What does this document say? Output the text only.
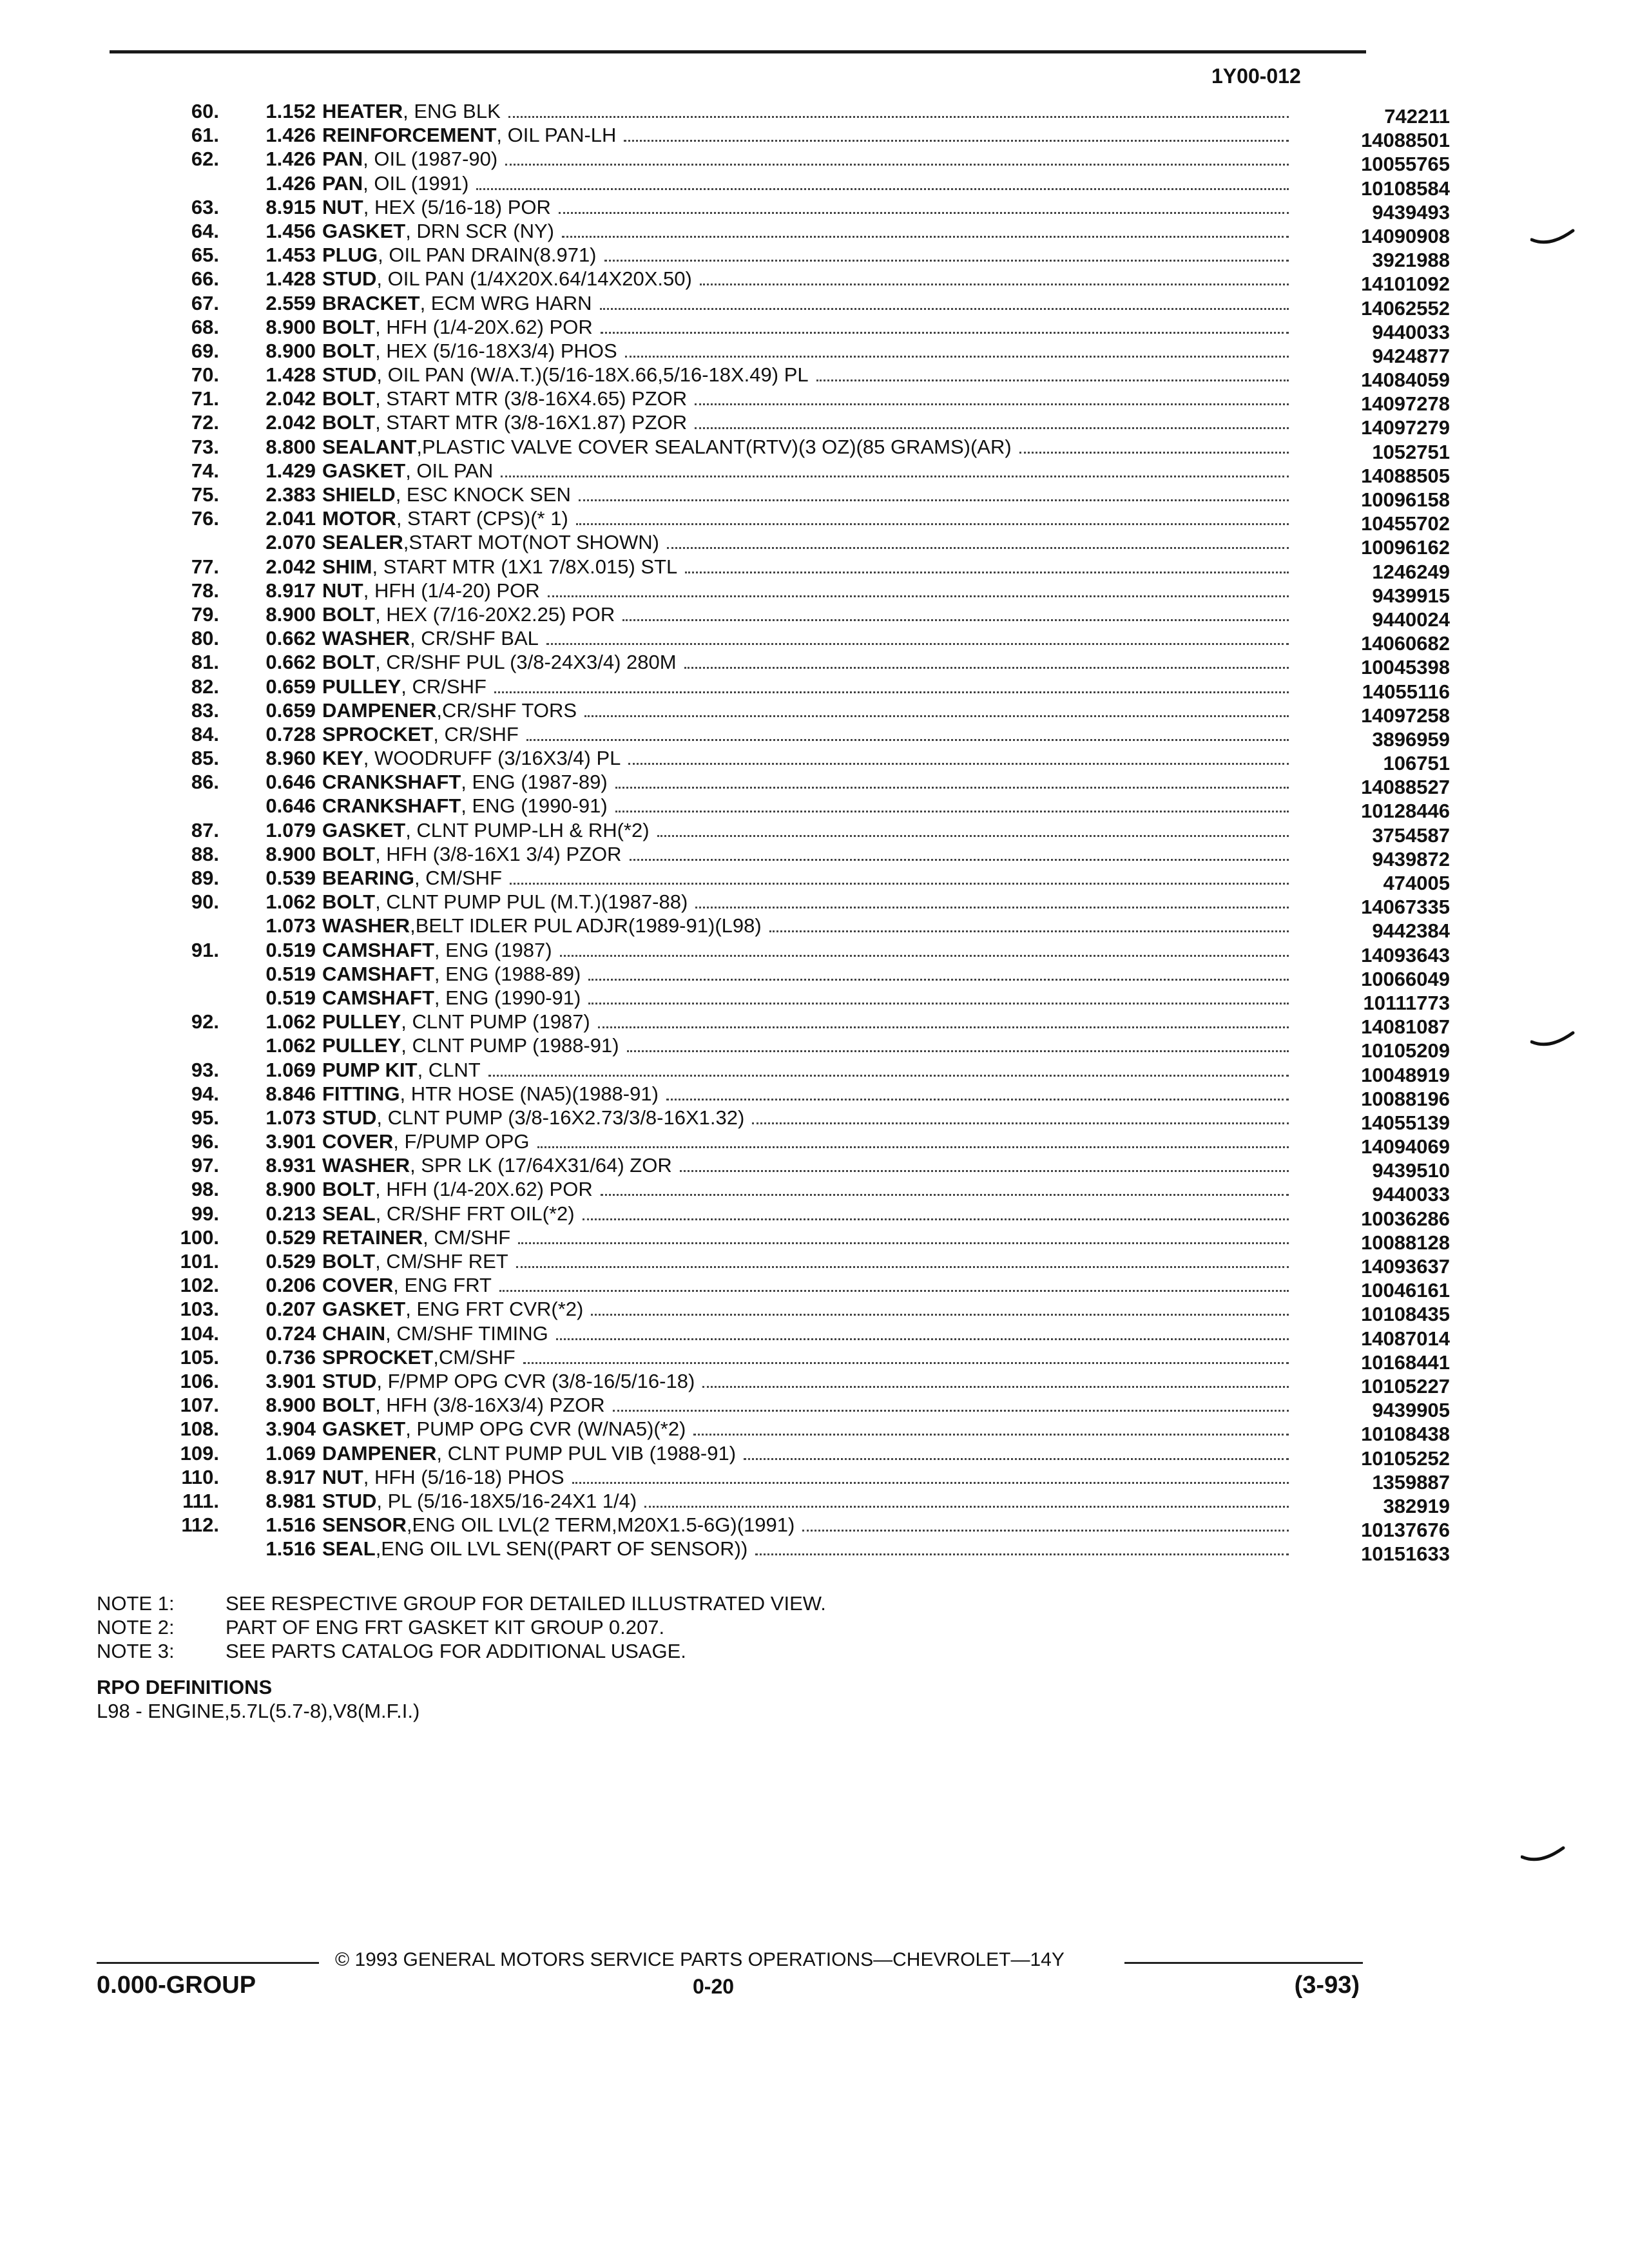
1Y00-012
60.	1.152 HEATER , ENG BLK	742211
61.	1.426 REINFORCEMENT , OIL PAN-LH	14088501
62.	1.426 PAN , OIL (1987-90)	10055765
1.426 PAN , OIL (1991)	10108584
63.	8.915 NUT , HEX (5/16-18) POR	9439493
64.	1.456 GASKET , DRN SCR (NY)	14090908
65.	1.453 PLUG , OIL PAN DRAIN(8.971)	3921988
66.	1.428 STUD , OIL PAN (1/4X20X.64/14X20X.50)	14101092
67.	2.559 BRACKET , ECM WRG HARN	14062552
68.	8.900 BOLT , HFH (1/4-20X.62) POR	9440033
69.	8.900 BOLT , HEX (5/16-18X3/4) PHOS	9424877
70.	1.428 STUD , OIL PAN (W/A.T.)(5/16-18X.66,5/16-18X.49) PL	14084059
71.	2.042 BOLT , START MTR (3/8-16X4.65) PZOR	14097278
72.	2.042 BOLT , START MTR (3/8-16X1.87) PZOR	14097279
73.	8.800 SEALANT ,PLASTIC VALVE COVER SEALANT(RTV)(3 OZ)(85 GRAMS)(AR)	1052751
74.	1.429 GASKET , OIL PAN	14088505
75.	2.383 SHIELD , ESC KNOCK SEN	10096158
76.	2.041 MOTOR , START (CPS)(* 1)	10455702
2.070 SEALER ,START MOT(NOT SHOWN)	10096162
77.	2.042 SHIM , START MTR (1X1 7/8X.015) STL	1246249
78.	8.917 NUT , HFH (1/4-20) POR	9439915
79.	8.900 BOLT , HEX (7/16-20X2.25) POR	9440024
80.	0.662 WASHER , CR/SHF BAL	14060682
81.	0.662 BOLT , CR/SHF PUL (3/8-24X3/4) 280M	10045398
82.	0.659 PULLEY , CR/SHF	14055116
83.	0.659 DAMPENER ,CR/SHF TORS	14097258
84.	0.728 SPROCKET , CR/SHF	3896959
85.	8.960 KEY , WOODRUFF (3/16X3/4) PL	106751
86.	0.646 CRANKSHAFT , ENG (1987-89)	14088527
0.646 CRANKSHAFT , ENG (1990-91)	10128446
87.	1.079 GASKET , CLNT PUMP-LH & RH(*2)	3754587
88.	8.900 BOLT , HFH (3/8-16X1 3/4) PZOR	9439872
89.	0.539 BEARING , CM/SHF	474005
90.	1.062 BOLT , CLNT PUMP PUL (M.T.)(1987-88)	14067335
1.073 WASHER ,BELT IDLER PUL ADJR(1989-91)(L98)	9442384
91.	0.519 CAMSHAFT , ENG (1987)	14093643
0.519 CAMSHAFT , ENG (1988-89)	10066049
0.519 CAMSHAFT , ENG (1990-91)	10111773
92.	1.062 PULLEY , CLNT PUMP (1987)	14081087
1.062 PULLEY , CLNT PUMP (1988-91)	10105209
93.	1.069 PUMP KIT , CLNT	10048919
94.	8.846 FITTING , HTR HOSE (NA5)(1988-91)	10088196
95.	1.073 STUD , CLNT PUMP (3/8-16X2.73/3/8-16X1.32)	14055139
96.	3.901 COVER , F/PUMP OPG	14094069
97.	8.931 WASHER , SPR LK (17/64X31/64) ZOR	9439510
98.	8.900 BOLT , HFH (1/4-20X.62) POR	9440033
99.	0.213 SEAL , CR/SHF FRT OIL(*2)	10036286
100.	0.529 RETAINER , CM/SHF	10088128
101.	0.529 BOLT , CM/SHF RET	14093637
102.	0.206 COVER , ENG FRT	10046161
103.	0.207 GASKET , ENG FRT CVR(*2)	10108435
104.	0.724 CHAIN , CM/SHF TIMING	14087014
105.	0.736 SPROCKET ,CM/SHF	10168441
106.	3.901 STUD , F/PMP OPG CVR (3/8-16/5/16-18)	10105227
107.	8.900 BOLT , HFH (3/8-16X3/4) PZOR	9439905
108.	3.904 GASKET , PUMP OPG CVR (W/NA5)(*2)	10108438
109.	1.069 DAMPENER , CLNT PUMP PUL VIB (1988-91)	10105252
110.	8.917 NUT , HFH (5/16-18) PHOS	1359887
111.	8.981 STUD , PL (5/16-18X5/16-24X1 1/4)	382919
112.	1.516 SENSOR ,ENG OIL LVL(2 TERM,M20X1.5-6G)(1991)	10137676
1.516 SEAL ,ENG OIL LVL SEN((PART OF SENSOR))	10151633
NOTE 1:	SEE RESPECTIVE GROUP FOR DETAILED ILLUSTRATED VIEW.
NOTE 2:	PART OF ENG FRT GASKET KIT GROUP 0.207.
NOTE 3:	SEE PARTS CATALOG FOR ADDITIONAL USAGE.
RPO DEFINITIONS
L98 - ENGINE,5.7L(5.7-8),V8(M.F.I.)
© 1993 GENERAL MOTORS SERVICE PARTS OPERATIONS—CHEVROLET—14Y
0.000-GROUP	0-20	(3-93)
